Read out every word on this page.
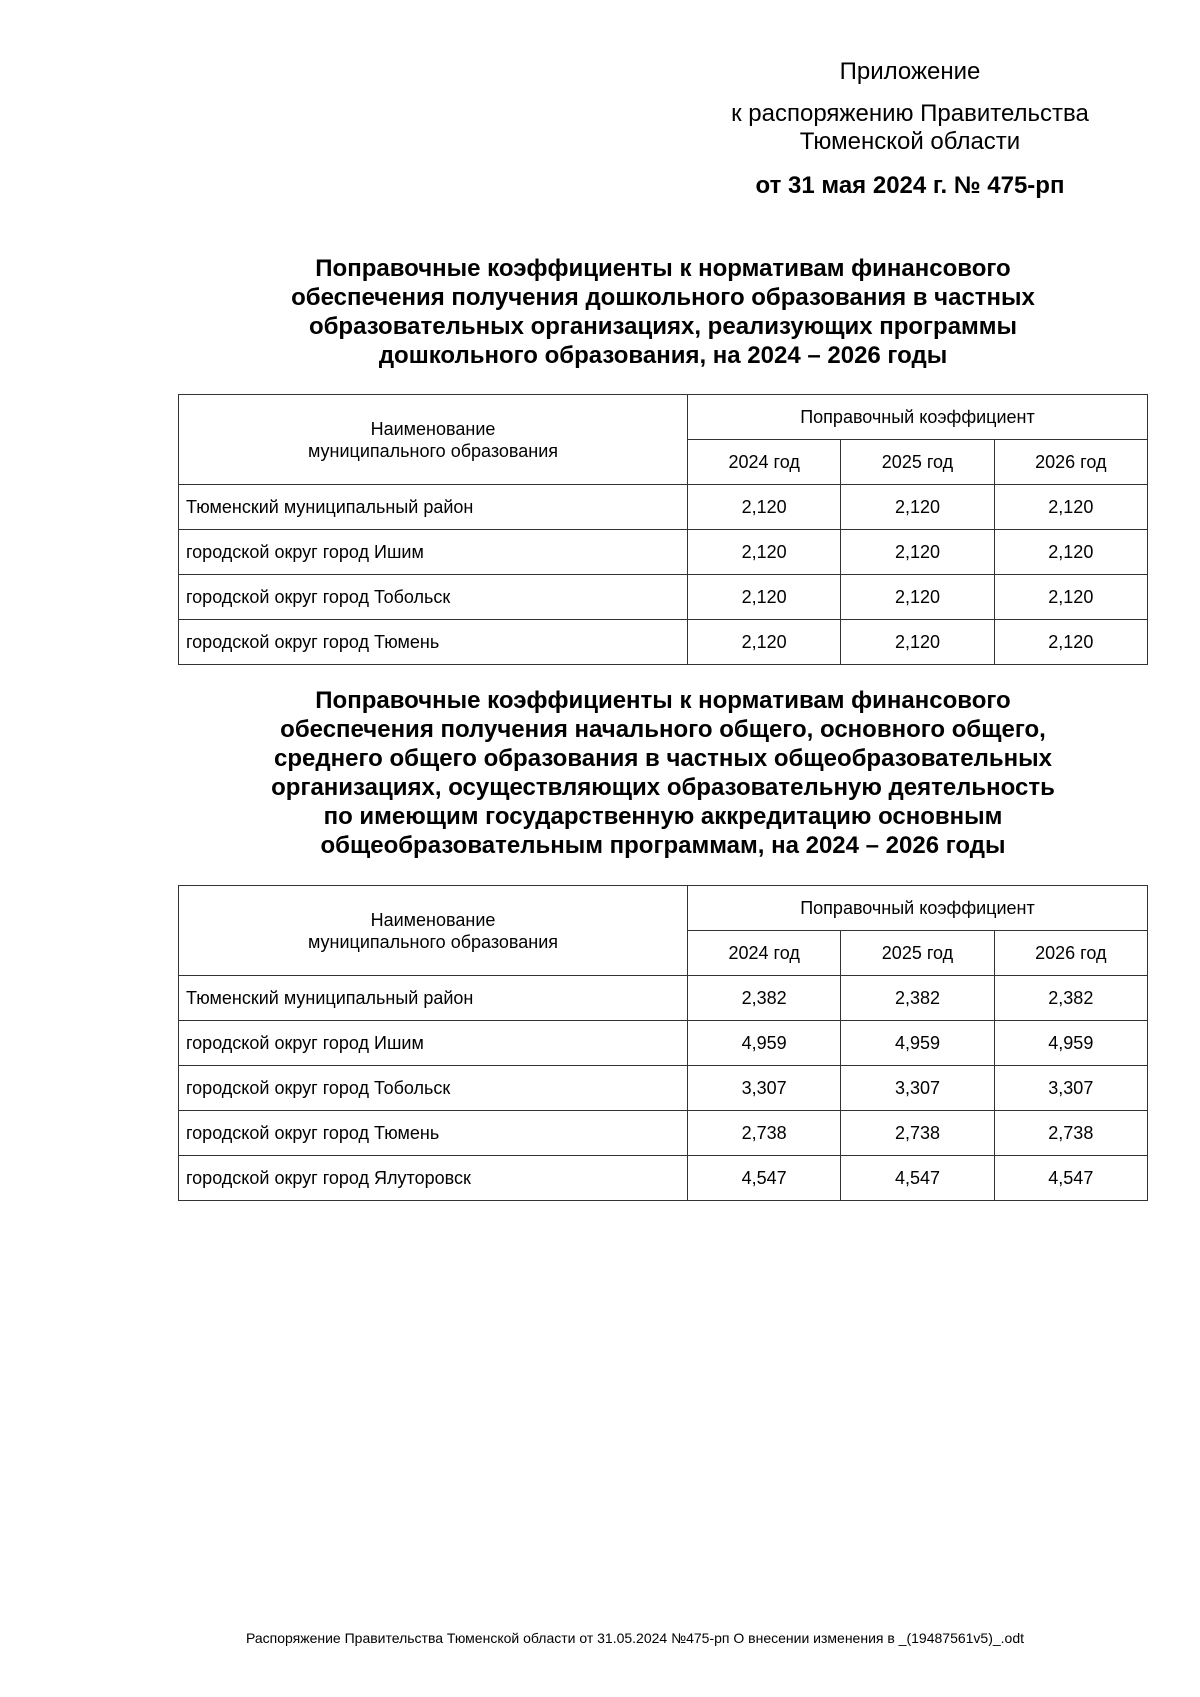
Приложение
к распоряжению Правительства
Тюменской области
от 31 мая 2024 г. № 475-рп
Поправочные коэффициенты к нормативам финансового
обеспечения получения дошкольного образования в частных
образовательных организациях, реализующих программы
дошкольного образования, на 2024 – 2026 годы
Наименование
муниципального образования	Поправочный коэффициент		
	2024 год	2025 год	2026 год
Тюменский муниципальный район	2,120	2,120	2,120
городской округ город Ишим	2,120	2,120	2,120
городской округ город Тобольск	2,120	2,120	2,120
городской округ город Тюмень	2,120	2,120	2,120
Поправочные коэффициенты к нормативам финансового
обеспечения получения начального общего, основного общего,
среднего общего образования в частных общеобразовательных
организациях, осуществляющих образовательную деятельность
по имеющим государственную аккредитацию основным
общеобразовательным программам, на 2024 – 2026 годы
Наименование
муниципального образования	Поправочный коэффициент		
	2024 год	2025 год	2026 год
Тюменский муниципальный район	2,382	2,382	2,382
городской округ город Ишим	4,959	4,959	4,959
городской округ город Тобольск	3,307	3,307	3,307
городской округ город Тюмень	2,738	2,738	2,738
городской округ город Ялуторовск	4,547	4,547	4,547
Распоряжение Правительства Тюменской области от 31.05.2024 №475-рп О внесении изменения в _(19487561v5)_.odt
